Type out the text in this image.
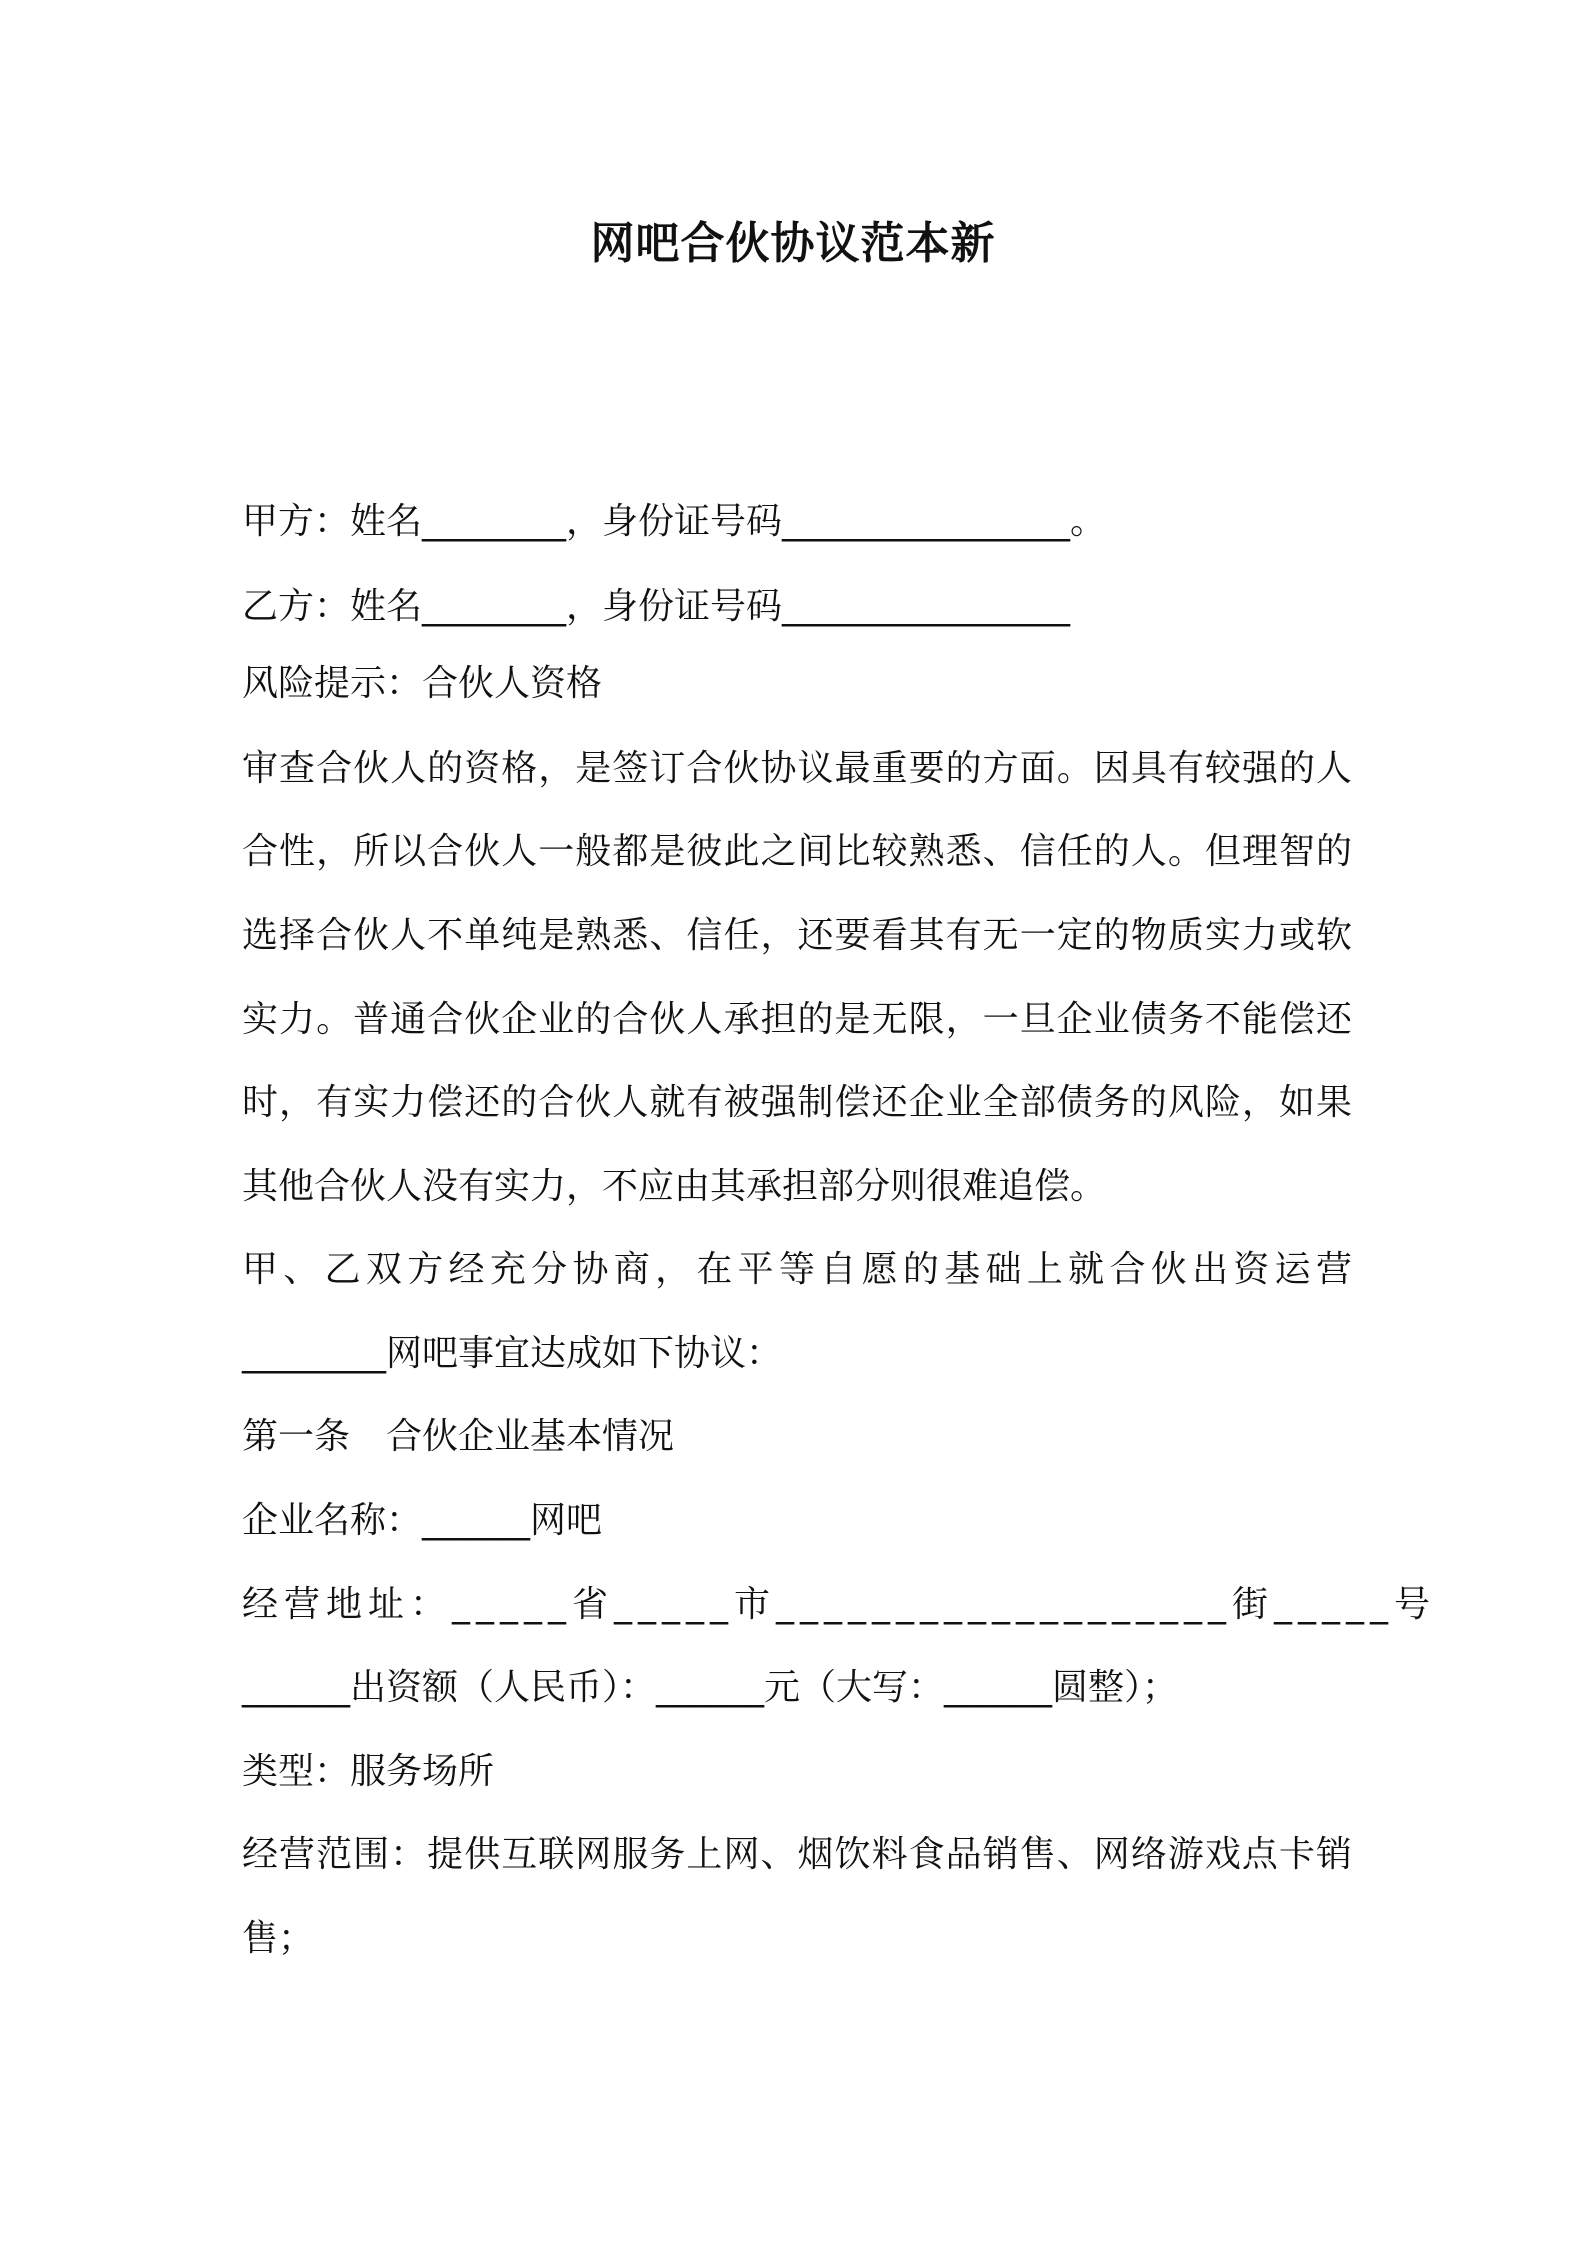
网吧合伙协议范本新
甲方：姓名________，身份证号码________________。
乙方：姓名________，身份证号码________________
风险提示：合伙人资格
审查合伙人的资格，是签订合伙协议最重要的方面。因具有较强的人
合性，所以合伙人一般都是彼此之间比较熟悉、信任的人。但理智的
选择合伙人不单纯是熟悉、信任，还要看其有无一定的物质实力或软
实力。普通合伙企业的合伙人承担的是无限，一旦企业债务不能偿还
时，有实力偿还的合伙人就有被强制偿还企业全部债务的风险，如果
其他合伙人没有实力，不应由其承担部分则很难追偿。
甲、乙双方经充分协商，在平等自愿的基础上就合伙出资运营
________网吧事宜达成如下协议：
第一条　合伙企业基本情况
企业名称：______网吧
经营地址：_____省_____市___________________街_____号
______出资额（人民币）：______元（大写：______圆整）；
类型：服务场所
经营范围：提供互联网服务上网、烟饮料食品销售、网络游戏点卡销
售；
